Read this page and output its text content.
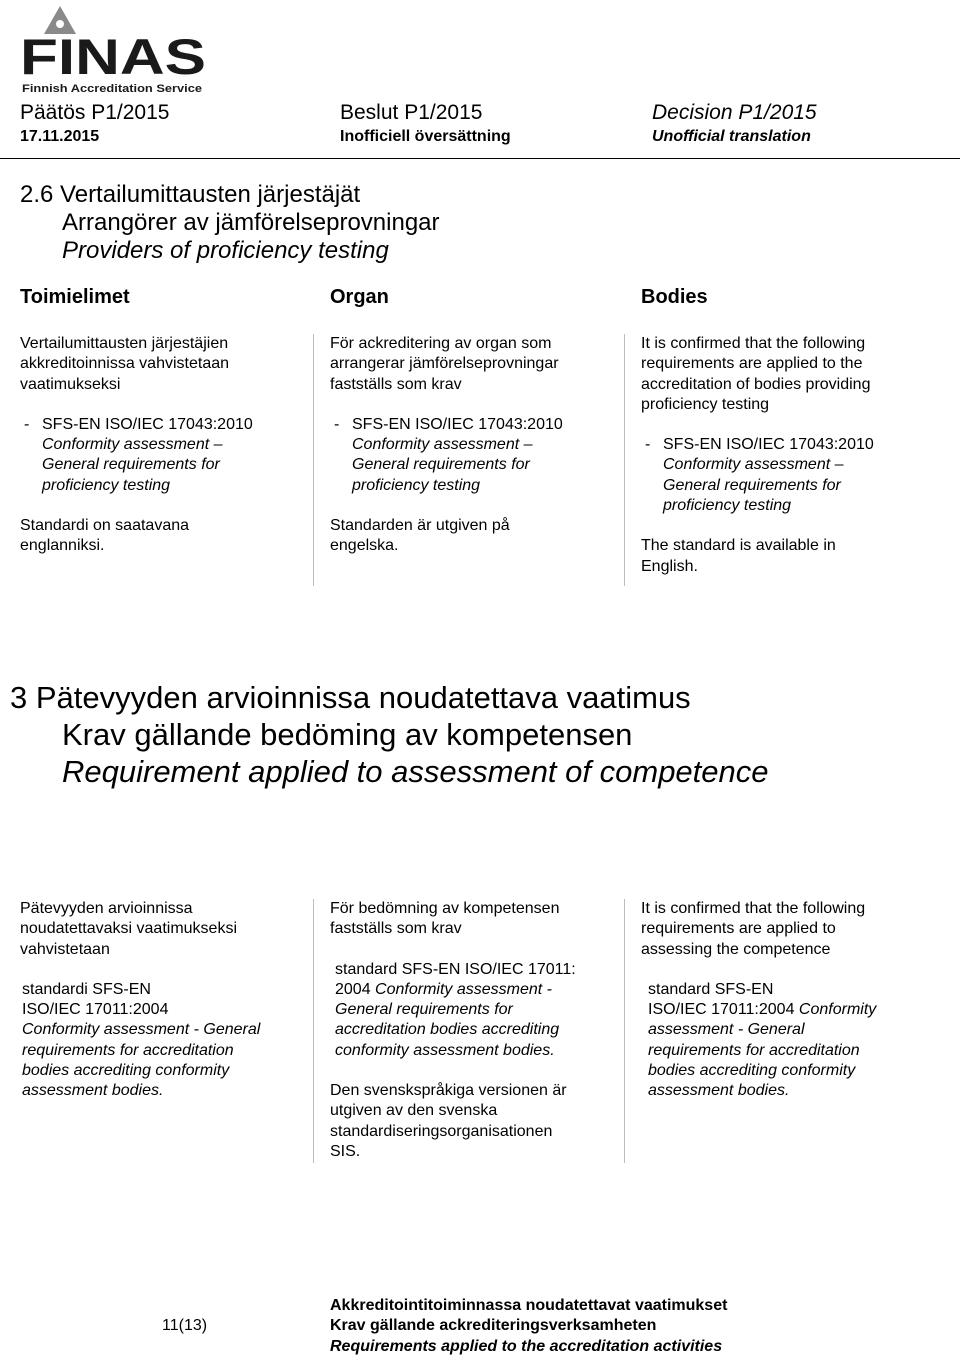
FINAS
Finnish Accreditation Service
Päätös P1/2015	Beslut P1/2015	Decision P1/2015
17.11.2015	Inofficiell översättning	Unofficial translation
2.6 Vertailumittausten järjestäjät
Arrangörer av jämförelseprovningar
Providers of proficiency testing
Toimielimet	Organ	Bodies

Vertailumittausten järjestäjien

akkreditoinnissa vahvistetaan

vaatimukseksi

- SFS-EN ISO/IEC 17043:2010

Conformity assessment –

General requirements for

proficiency testing

Standardi on saatavana

englanniksi.

För ackreditering av organ som

arrangerar jämförelseprovningar

fastställs som krav

- SFS-EN ISO/IEC 17043:2010

Conformity assessment –

General requirements for

proficiency testing

Standarden är utgiven på

engelska.

It is confirmed that the following

requirements are applied to the

accreditation of bodies providing

proficiency testing

- SFS-EN ISO/IEC 17043:2010

Conformity assessment –

General requirements for

proficiency testing

The standard is available in

English.

3 Pätevyyden arvioinnissa noudatettava vaatimus
Krav gällande bedöming av kompetensen
Requirement applied to assessment of competence

Pätevyyden arvioinnissa

noudatettavaksi vaatimukseksi

vahvistetaan

standardi SFS-EN

ISO/IEC 17011:2004

Conformity assessment - General

requirements for accreditation

bodies accrediting conformity

assessment bodies.

För bedömning av kompetensen

fastställs som krav

standard SFS-EN ISO/IEC 17011:

2004 Conformity assessment -

General requirements for

accreditation bodies accrediting

conformity assessment bodies.

Den svenskspråkiga versionen är

utgiven av den svenska

standardiseringsorganisationen

SIS.

It is confirmed that the following

requirements are applied to

assessing the competence

standard SFS-EN

ISO/IEC 17011:2004 Conformity

assessment - General

requirements for accreditation

bodies accrediting conformity

assessment bodies.

11(13)

Akkreditointitoiminnassa noudatettavat vaatimukset

Krav gällande ackrediteringsverksamheten

Requirements applied to the accreditation activities
